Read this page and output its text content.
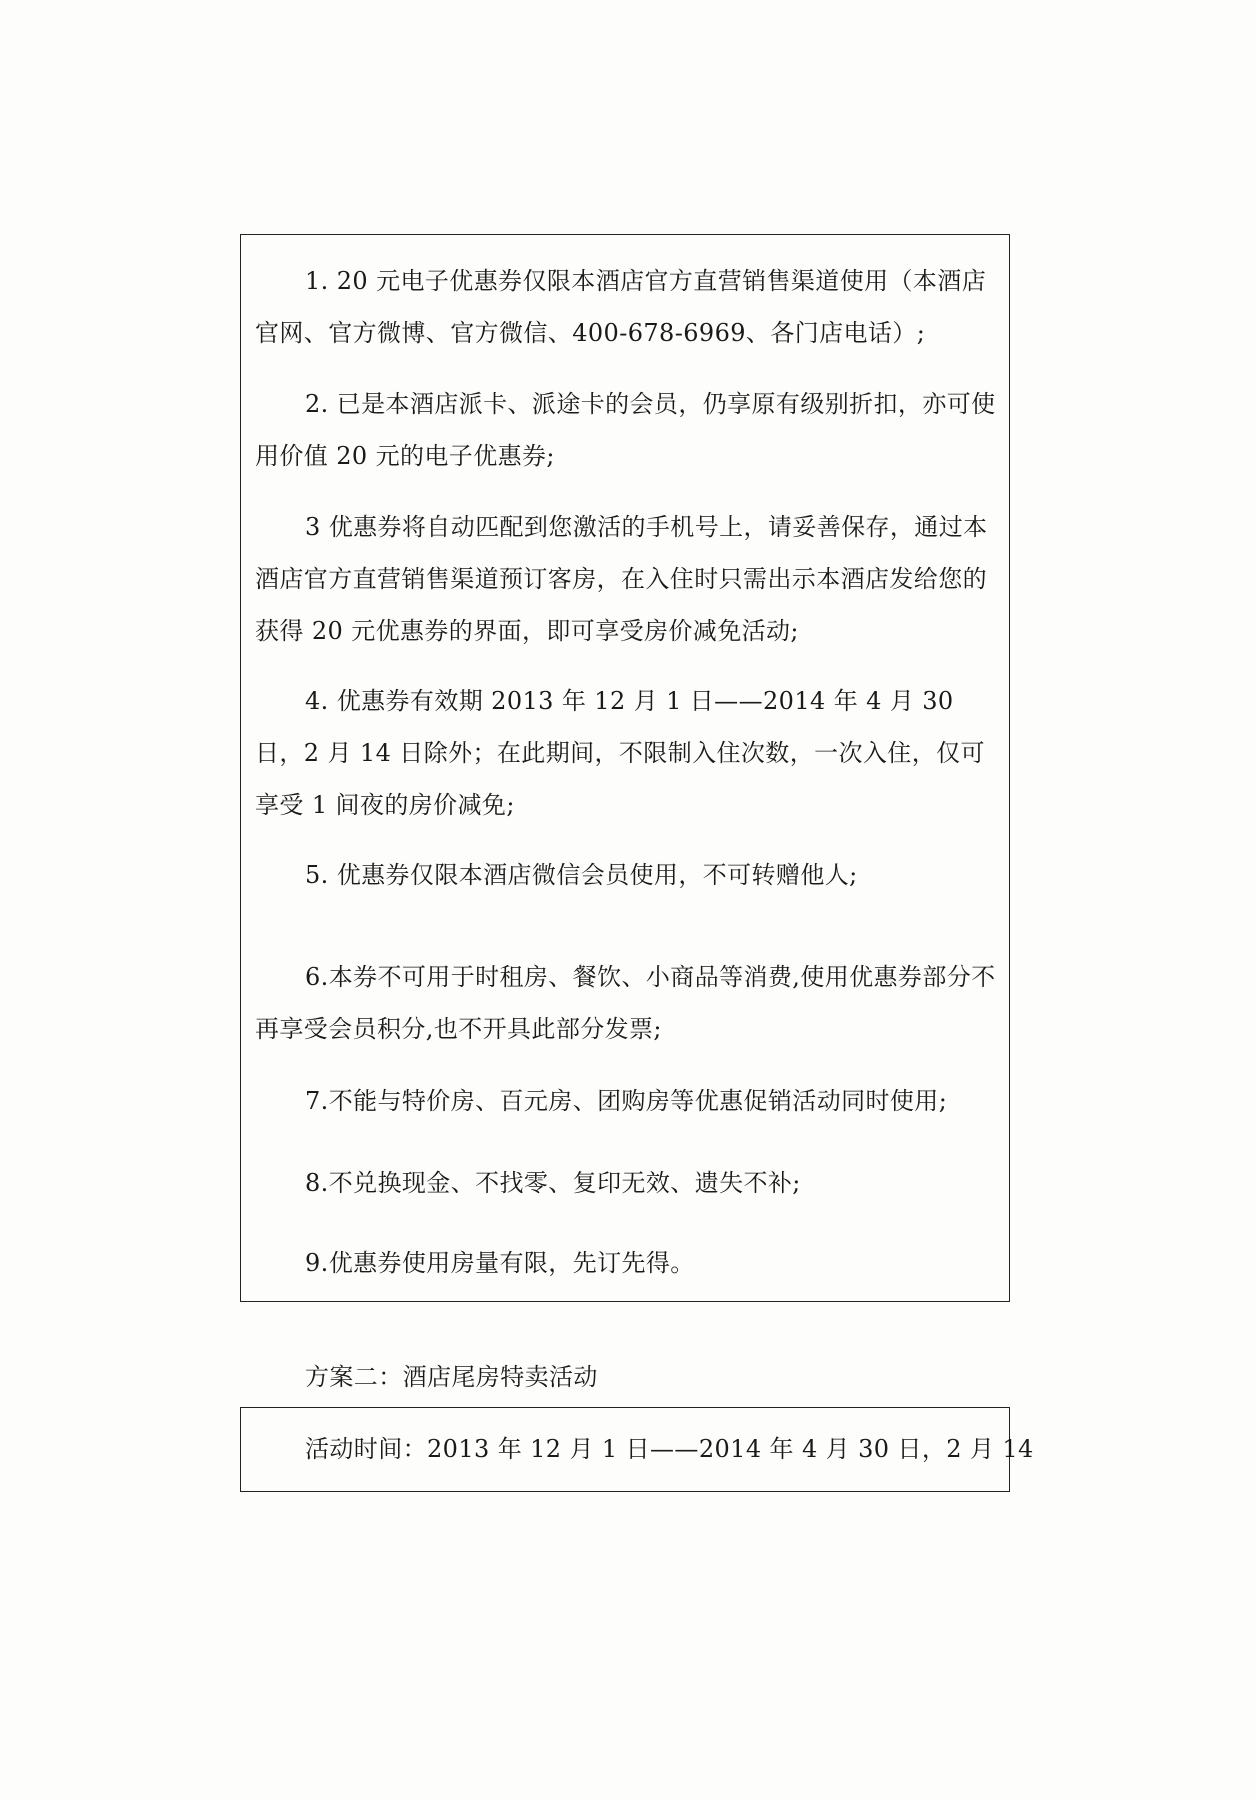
1. 20 元电子优惠券仅限本酒店官方直营销售渠道使用（本酒店官网、官方微博、官方微信、400-678-6969、各门店电话）;
2. 已是本酒店派卡、派途卡的会员，仍享原有级别折扣，亦可使用价值 20 元的电子优惠券;
3 优惠券将自动匹配到您激活的手机号上，请妥善保存，通过本酒店官方直营销售渠道预订客房，在入住时只需出示本酒店发给您的获得 20 元优惠券的界面，即可享受房价减免活动;
4. 优惠券有效期 2013 年 12 月 1 日——2014 年 4 月 30 日，2 月 14 日除外；在此期间，不限制入住次数，一次入住，仅可享受 1 间夜的房价减免;
5. 优惠券仅限本酒店微信会员使用，不可转赠他人;
6.本券不可用于时租房、餐饮、小商品等消费,使用优惠券部分不再享受会员积分,也不开具此部分发票;
7.不能与特价房、百元房、团购房等优惠促销活动同时使用;
8.不兑换现金、不找零、复印无效、遗失不补;
9.优惠券使用房量有限，先订先得。
方案二：酒店尾房特卖活动
活动时间：2013 年 12 月 1 日——2014 年 4 月 30 日，2 月 14
